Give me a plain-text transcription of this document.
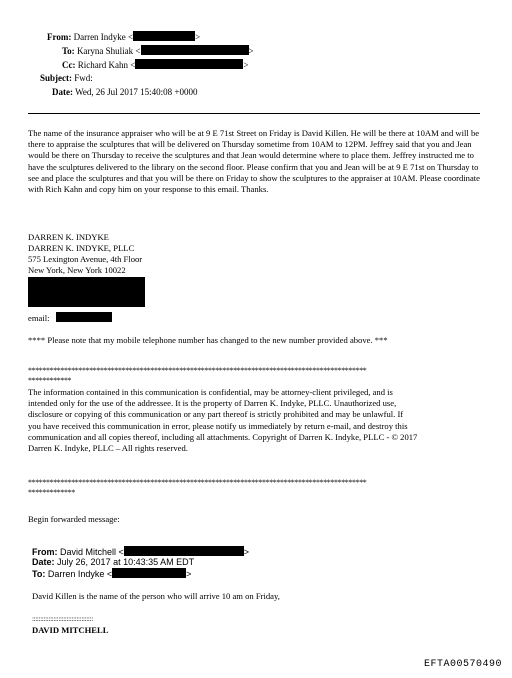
From: Darren Indyke <	>
To: Karyna Shuliak <	>
Cc: Richard Kahn <	>
Subject: Fwd:
Date: Wed, 26 Jul 2017 15:40:08 +0000
The name of the insurance appraiser who will be at 9 E 71st Street on Friday is David Killen. He will be there at 10AM and will be there to appraise the sculptures that will be delivered on Thursday sometime from 10AM to 12PM. Jeffrey said that you and Jean would be there on Thursday to receive the sculptures and that Jean would determine where to place them. Jeffrey instructed me to have the sculptures delivered to the library on the second floor. Please confirm that you and Jean will be at 9 E 71st on Thursday to see and place the sculptures and that you will be there on Friday to show the sculptures to the appraiser at 10AM. Please coordinate with Rich Kahn and copy him on your response to this email. Thanks.
DARREN K. INDYKE
DARREN K. INDYKE, PLLC
575 Lexington Avenue, 4th Floor
New York, New York 10022
email:
**** Please note that my mobile telephone number has changed to the new number provided above. ***
**********************************************************************************************
************
The information contained in this communication is confidential, may be attorney-client privileged, and is intended only for the use of the addressee. It is the property of Darren K. Indyke, PLLC. Unauthorized use, disclosure or copying of this communication or any part thereof is strictly prohibited and may be unlawful. If you have received this communication in error, please notify us immediately by return e-mail, and destroy this communication and all copies thereof, including all attachments. Copyright of Darren K. Indyke, PLLC - © 2017 Darren K. Indyke, PLLC – All rights reserved.
**********************************************************************************************
*************
Begin forwarded message:
From: David Mitchell <	>
Date: July 26, 2017 at 10:43:35 AM EDT
To: Darren Indyke <	>
David Killen is the name of the person who will arrive 10 am on Friday,
:::::::::::::::::::::::::::::::::::::
DAVID MITCHELL
EFTA00570490
